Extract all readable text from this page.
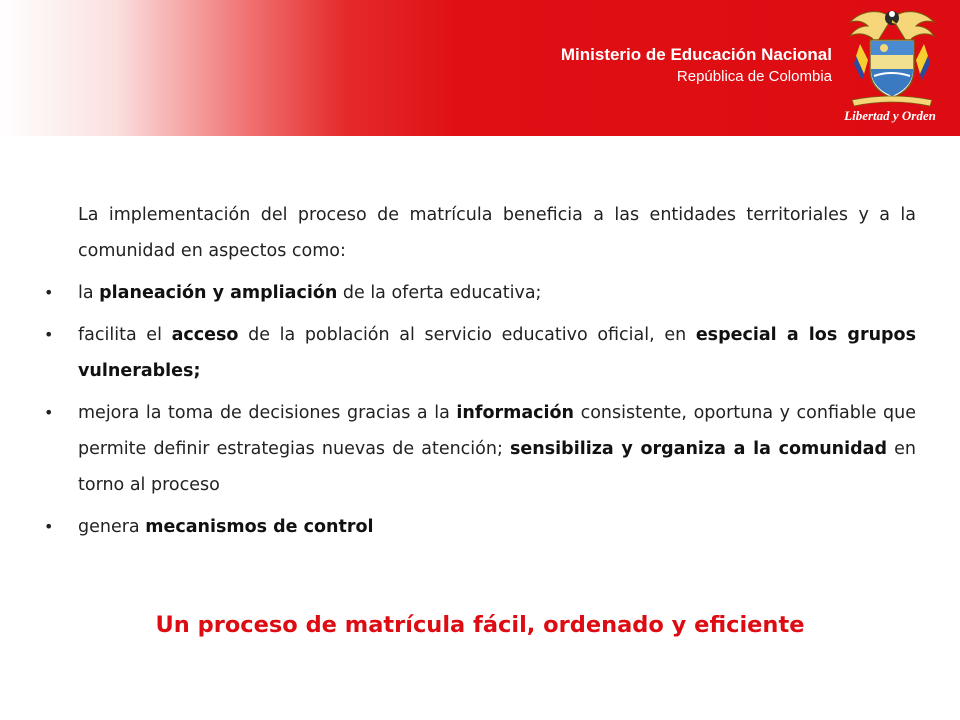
Ministerio de Educación Nacional
República de Colombia
Libertad y Orden
La implementación del proceso de matrícula beneficia a las entidades territoriales y a la comunidad en aspectos como:
•	la planeación y ampliación de la oferta educativa;
•	facilita el acceso de la población al servicio educativo oficial, en especial a los grupos vulnerables;
•	mejora la toma de decisiones gracias a la información consistente, oportuna y confiable que permite definir estrategias nuevas de atención; sensibiliza y organiza a la comunidad en torno al proceso
•	genera mecanismos de control
Un proceso de matrícula fácil, ordenado y eficiente
